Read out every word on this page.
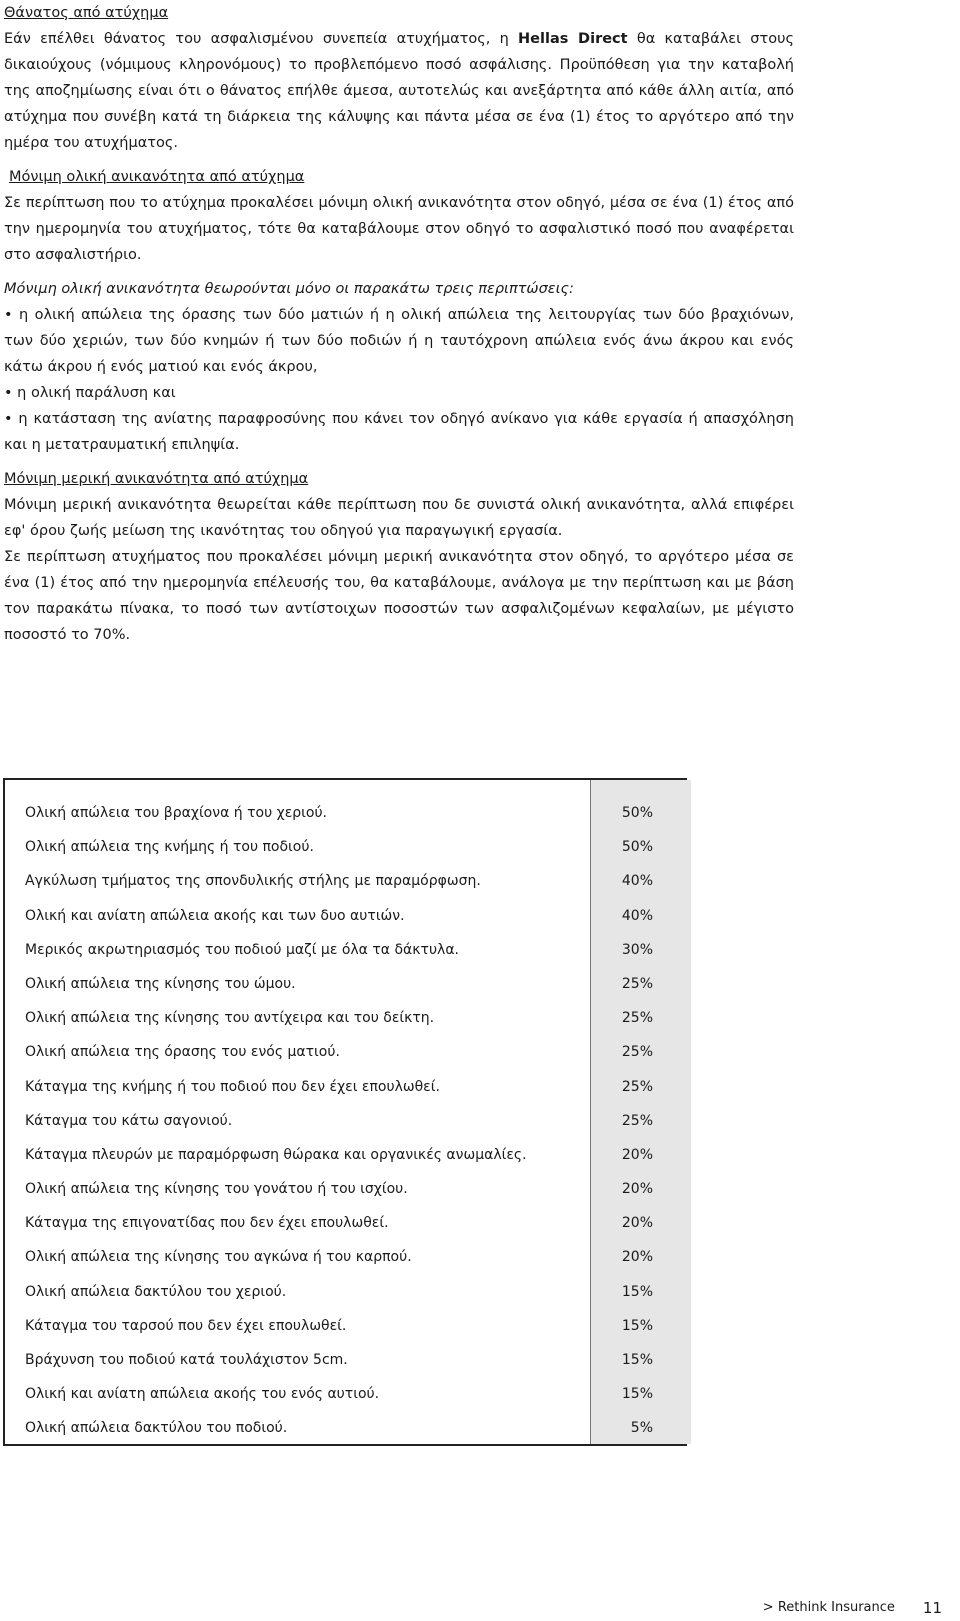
Θάνατος από ατύχημα

Εάν επέλθει θάνατος του ασφαλισμένου συνεπεία ατυχήματος, η Hellas Direct θα καταβάλει στους δικαιούχους (νόμιμους κληρονόμους) το προβλεπόμενο ποσό ασφάλισης. Προϋπόθεση για την καταβολή της αποζημίωσης είναι ότι ο θάνατος επήλθε άμεσα, αυτοτελώς και ανεξάρτητα από κάθε άλλη αιτία, από ατύχημα που συνέβη κατά τη διάρκεια της κάλυψης και πάντα μέσα σε ένα (1) έτος το αργότερο από την ημέρα του ατυχήματος.

Μόνιμη ολική ανικανότητα από ατύχημα

Σε περίπτωση που το ατύχημα προκαλέσει μόνιμη ολική ανικανότητα στον οδηγό, μέσα σε ένα (1) έτος από την ημερομηνία του ατυχήματος, τότε θα καταβάλουμε στον οδηγό το ασφαλιστικό ποσό που αναφέρεται στο ασφαλιστήριο.

Μόνιμη ολική ανικανότητα θεωρούνται μόνο οι παρακάτω τρεις περιπτώσεις:

• η ολική απώλεια της όρασης των δύο ματιών ή η ολική απώλεια της λειτουργίας των δύο βραχιόνων, των δύο χεριών, των δύο κνημών ή των δύο ποδιών ή η ταυτόχρονη απώλεια ενός άνω άκρου και ενός κάτω άκρου ή ενός ματιού και ενός άκρου,

• η ολική παράλυση και

• η κατάσταση της ανίατης παραφροσύνης που κάνει τον οδηγό ανίκανο για κάθε εργασία ή απασχόληση και η μετατραυματική επιληψία.

Μόνιμη μερική ανικανότητα από ατύχημα

Μόνιμη μερική ανικανότητα θεωρείται κάθε περίπτωση που δε συνιστά ολική ανικανότητα, αλλά επιφέρει εφ' όρου ζωής μείωση της ικανότητας του οδηγού για παραγωγική εργασία.

Σε περίπτωση ατυχήματος που προκαλέσει μόνιμη μερική ανικανότητα στον οδηγό, το αργότερο μέσα σε ένα (1) έτος από την ημερομηνία επέλευσής του, θα καταβάλουμε, ανάλογα με την περίπτωση και με βάση τον παρακάτω πίνακα, το ποσό των αντίστοιχων ποσοστών των ασφαλιζομένων κεφαλαίων, με μέγιστο ποσοστό το 70%.

Ολική απώλεια του βραχίονα ή του χεριού.	50%
Ολική απώλεια της κνήμης ή του ποδιού.	50%
Αγκύλωση τμήματος της σπονδυλικής στήλης με παραμόρφωση.	40%
Ολική και ανίατη απώλεια ακοής και των δυο αυτιών.	40%
Μερικός ακρωτηριασμός του ποδιού μαζί με όλα τα δάκτυλα.	30%
Ολική απώλεια της κίνησης του ώμου.	25%
Ολική απώλεια της κίνησης του αντίχειρα και του δείκτη.	25%
Ολική απώλεια της όρασης του ενός ματιού.	25%
Κάταγμα της κνήμης ή του ποδιού που δεν έχει επουλωθεί.	25%
Κάταγμα του κάτω σαγονιού.	25%
Κάταγμα πλευρών με παραμόρφωση θώρακα και οργανικές ανωμαλίες.	20%
Ολική απώλεια της κίνησης του γονάτου ή του ισχίου.	20%
Κάταγμα της επιγονατίδας που δεν έχει επουλωθεί.	20%
Ολική απώλεια της κίνησης του αγκώνα ή του καρπού.	20%
Ολική απώλεια δακτύλου του χεριού.	15%
Κάταγμα του ταρσού που δεν έχει επουλωθεί.	15%
Βράχυνση του ποδιού κατά τουλάχιστον 5cm.	15%
Ολική και ανίατη απώλεια ακοής του ενός αυτιού.	15%
Ολική απώλεια δακτύλου του ποδιού.	5%
> Rethink Insurance 11
